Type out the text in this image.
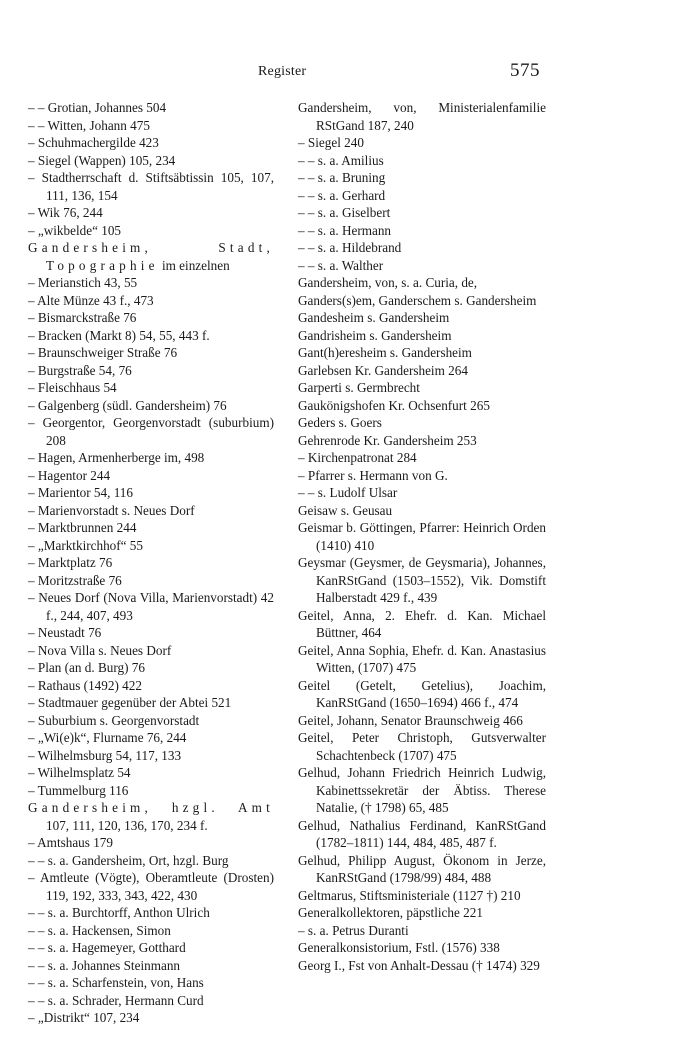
Register	575
– – Grotian, Johannes 504
– – Witten, Johann 475
– Schuhmachergilde 423
– Siegel (Wappen) 105, 234
– Stadtherrschaft d. Stiftsäbtissin 105, 107, 111, 136, 154
– Wik 76, 244
– „wikbelde“ 105
Gandersheim, Stadt, Topographie im einzelnen
– Merianstich 43, 55
– Alte Münze 43 f., 473
– Bismarckstraße 76
– Bracken (Markt 8) 54, 55, 443 f.
– Braunschweiger Straße 76
– Burgstraße 54, 76
– Fleischhaus 54
– Galgenberg (südl. Gandersheim) 76
– Georgentor, Georgenvorstadt (suburbium) 208
– Hagen, Armenherberge im, 498
– Hagentor 244
– Marientor 54, 116
– Marienvorstadt s. Neues Dorf
– Marktbrunnen 244
– „Marktkirchhof“ 55
– Marktplatz 76
– Moritzstraße 76
– Neues Dorf (Nova Villa, Marienvorstadt) 42 f., 244, 407, 493
– Neustadt 76
– Nova Villa s. Neues Dorf
– Plan (an d. Burg) 76
– Rathaus (1492) 422
– Stadtmauer gegenüber der Abtei 521
– Suburbium s. Georgenvorstadt
– „Wi(e)k“, Flurname 76, 244
– Wilhelmsburg 54, 117, 133
– Wilhelmsplatz 54
– Tummelburg 116
Gandersheim, hzgl. Amt 107, 111, 120, 136, 170, 234 f.
– Amtshaus 179
– – s. a. Gandersheim, Ort, hzgl. Burg
– Amtleute (Vögte), Oberamtleute (Drosten) 119, 192, 333, 343, 422, 430
– – s. a. Burchtorff, Anthon Ulrich
– – s. a. Hackensen, Simon
– – s. a. Hagemeyer, Gotthard
– – s. a. Johannes Steinmann
– – s. a. Scharfenstein, von, Hans
– – s. a. Schrader, Hermann Curd
– „Distrikt“ 107, 234
Gandersheim, von, Ministerialenfamilie RStGand 187, 240
– Siegel 240
– – s. a. Amilius
– – s. a. Bruning
– – s. a. Gerhard
– – s. a. Giselbert
– – s. a. Hermann
– – s. a. Hildebrand
– – s. a. Walther
Gandersheim, von, s. a. Curia, de,
Ganders(s)em, Ganderschem s. Gandersheim
Gandesheim s. Gandersheim
Gandrisheim s. Gandersheim
Gant(h)eresheim s. Gandersheim
Garlebsen Kr. Gandersheim 264
Garperti s. Germbrecht
Gaukönigshofen Kr. Ochsenfurt 265
Geders s. Goers
Gehrenrode Kr. Gandersheim 253
– Kirchenpatronat 284
– Pfarrer s. Hermann von G.
– – s. Ludolf Ulsar
Geisaw s. Geusau
Geismar b. Göttingen, Pfarrer: Heinrich Orden (1410) 410
Geysmar (Geysmer, de Geysmaria), Johannes, KanRStGand (1503–1552), Vik. Domstift Halberstadt 429 f., 439
Geitel, Anna, 2. Ehefr. d. Kan. Michael Büttner, 464
Geitel, Anna Sophia, Ehefr. d. Kan. Anastasius Witten, (1707) 475
Geitel (Getelt, Getelius), Joachim, KanRStGand (1650–1694) 466 f., 474
Geitel, Johann, Senator Braunschweig 466
Geitel, Peter Christoph, Gutsverwalter Schachtenbeck (1707) 475
Gelhud, Johann Friedrich Heinrich Ludwig, Kabinettssekretär der Äbtiss. Therese Natalie, († 1798) 65, 485
Gelhud, Nathalius Ferdinand, KanRStGand (1782–1811) 144, 484, 485, 487 f.
Gelhud, Philipp August, Ökonom in Jerze, KanRStGand (1798/99) 484, 488
Geltmarus, Stiftsministeriale (1127 †) 210
Generalkollektoren, päpstliche 221
– s. a. Petrus Duranti
Generalkonsistorium, Fstl. (1576) 338
Georg I., Fst von Anhalt-Dessau († 1474) 329
